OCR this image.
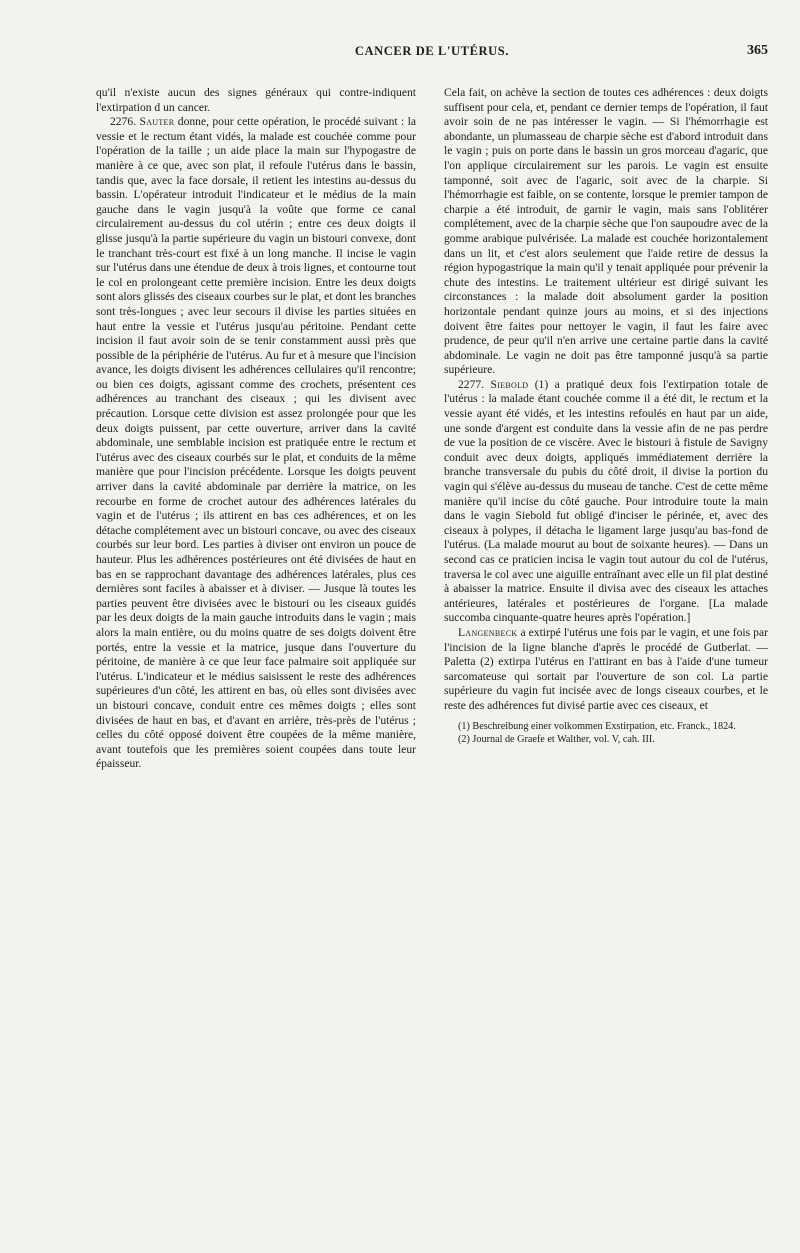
CANCER DE L'UTÉRUS.	365

qu'il n'existe aucun des signes généraux qui contre-indiquent l'extirpation d un cancer.

2276. Sauter donne, pour cette opération, le procédé suivant : la vessie et le rectum étant vidés, la malade est couchée comme pour l'opération de la taille ; un aide place la main sur l'hypogastre de manière à ce que, avec son plat, il refoule l'utérus dans le bassin, tandis que, avec la face dorsale, il retient les intestins au-dessus du bassin. L'opérateur introduit l'indicateur et le médius de la main gauche dans le vagin jusqu'à la voûte que forme ce canal circulairement au-dessus du col utérin ; entre ces deux doigts il glisse jusqu'à la partie supérieure du vagin un bistouri convexe, dont le tranchant très-court est fixé à un long manche. Il incise le vagin sur l'utérus dans une étendue de deux à trois lignes, et contourne tout le col en prolongeant cette première incision. Entre les deux doigts sont alors glissés des ciseaux courbes sur le plat, et dont les branches sont très-longues ; avec leur secours il divise les parties situées en haut entre la vessie et l'utérus jusqu'au péritoine. Pendant cette incision il faut avoir soin de se tenir constamment aussi près que possible de la périphérie de l'utérus. Au fur et à mesure que l'incision avance, les doigts divisent les adhérences cellulaires qu'il rencontre; ou bien ces doigts, agissant comme des crochets, présentent ces adhérences au tranchant des ciseaux ; qui les divisent avec précaution. Lorsque cette division est assez prolongée pour que les deux doigts puissent, par cette ouverture, arriver dans la cavité abdominale, une semblable incision est pratiquée entre le rectum et l'utérus avec des ciseaux courbés sur le plat, et conduits de la même manière que pour l'incision précédente. Lorsque les doigts peuvent arriver dans la cavité abdominale par derrière la matrice, on les recourbe en forme de crochet autour des adhérences latérales du vagin et de l'utérus ; ils attirent en bas ces adhérences, et on les détache complétement avec un bistouri concave, ou avec des ciseaux courbés sur leur bord. Les parties à diviser ont environ un pouce de hauteur. Plus les adhérences postérieures ont été divisées de haut en bas en se rapprochant davantage des adhérences latérales, plus ces dernières sont faciles à abaisser et à diviser. — Jusque là toutes les parties peuvent être divisées avec le bistouri ou les ciseaux guidés par les deux doigts de la main gauche introduits dans le vagin ; mais alors la main entière, ou du moins quatre de ses doigts doivent être portés, entre la vessie et la matrice, jusque dans l'ouverture du péritoine, de manière à ce que leur face palmaire soit appliquée sur l'utérus. L'indicateur et le médius saisissent le reste des adhérences supérieures d'un côté, les attirent en bas, où elles sont divisées avec un bistouri concave, conduit entre ces mêmes doigts ; elles sont divisées de haut en bas, et d'avant en arrière, très-près de l'utérus ; celles du côté opposé doivent être coupées de la même manière, avant toutefois que les premières soient coupées dans toute leur épaisseur.

Cela fait, on achève la section de toutes ces adhérences : deux doigts suffisent pour cela, et, pendant ce dernier temps de l'opération, il faut avoir soin de ne pas intéresser le vagin. — Si l'hémorrhagie est abondante, un plumasseau de charpie sèche est d'abord introduit dans le vagin ; puis on porte dans le bassin un gros morceau d'agaric, que l'on applique circulairement sur les parois. Le vagin est ensuite tamponné, soit avec de l'agaric, soit avec de la charpie. Si l'hémorrhagie est faible, on se contente, lorsque le premier tampon de charpie a été introduit, de garnir le vagin, mais sans l'oblitérer complétement, avec de la charpie sèche que l'on saupoudre avec de la gomme arabique pulvérisée. La malade est couchée horizontalement dans un lit, et c'est alors seulement que l'aide retire de dessus la région hypogastrique la main qu'il y tenait appliquée pour prévenir la chute des intestins. Le traitement ultérieur est dirigé suivant les circonstances : la malade doit absolument garder la position horizontale pendant quinze jours au moins, et si des injections doivent être faites pour nettoyer le vagin, il faut les faire avec prudence, de peur qu'il n'en arrive une certaine partie dans la cavité abdominale. Le vagin ne doit pas être tamponné jusqu'à sa partie supérieure.

2277. Siebold (1) a pratiqué deux fois l'extirpation totale de l'utérus : la malade étant couchée comme il a été dit, le rectum et la vessie ayant été vidés, et les intestins refoulés en haut par un aide, une sonde d'argent est conduite dans la vessie afin de ne pas perdre de vue la position de ce viscère. Avec le bistouri à fistule de Savigny conduit avec deux doigts, appliqués immédiatement derrière la branche transversale du pubis du côté droit, il divise la portion du vagin qui s'élève au-dessus du museau de tanche. C'est de cette même manière qu'il incise du côté gauche. Pour introduire toute la main dans le vagin Siebold fut obligé d'inciser le périnée, et, avec des ciseaux à polypes, il détacha le ligament large jusqu'au bas-fond de l'utérus. (La malade mourut au bout de soixante heures). — Dans un second cas ce praticien incisa le vagin tout autour du col de l'utérus, traversa le col avec une aiguille entraînant avec elle un fil plat destiné à abaisser la matrice. Ensuite il divisa avec des ciseaux les attaches antérieures, latérales et postérieures de l'organe. [La malade succomba cinquante-quatre heures après l'opération.]

Langenbeck a extirpé l'utérus une fois par le vagin, et une fois par l'incision de la ligne blanche d'après le procédé de Gutberlat. — Paletta (2) extirpa l'utérus en l'attirant en bas à l'aide d'une tumeur sarcomateuse qui sortait par l'ouverture de son col. La partie supérieure du vagin fut incisée avec de longs ciseaux courbes, et le reste des adhérences fut divisé partie avec ces ciseaux, et

(1) Beschreibung einer volkommen Exstirpation, etc. Franck., 1824.

(2) Journal de Graefe et Walther, vol. V, cah. III.
